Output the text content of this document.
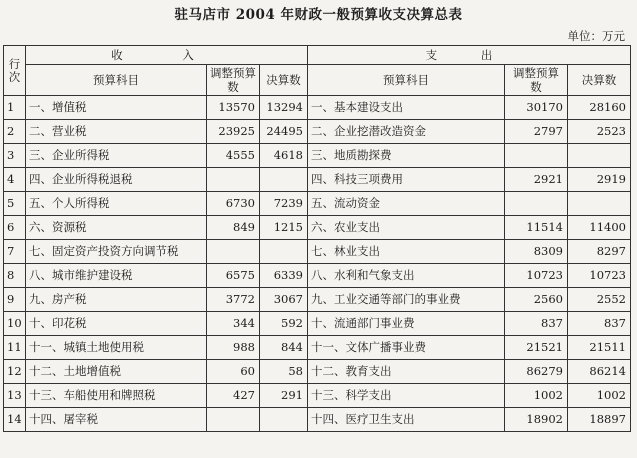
驻马店市 2004 年财政一般预算收支决算总表
单位：万元
行次	收 入			支 出		
	预算科目	调整预算数	决算数	预算科目	调整预算数	决算数
1	一、增值税	13570	13294	一、基本建设支出	30170	28160
2	二、营业税	23925	24495	二、企业挖潜改造资金	2797	2523
3	三、企业所得税	4555	4618	三、地质勘探费		
4	四、企业所得税退税			四、科技三项费用	2921	2919
5	五、个人所得税	6730	7239	五、流动资金		
6	六、资源税	849	1215	六、农业支出	11514	11400
7	七、固定资产投资方向调节税			七、林业支出	8309	8297
8	八、城市维护建设税	6575	6339	八、水利和气象支出	10723	10723
9	九、房产税	3772	3067	九、工业交通等部门的事业费	2560	2552
10	十、印花税	344	592	十、流通部门事业费	837	837
11	十一、城镇土地使用税	988	844	十一、文体广播事业费	21521	21511
12	十二、土地增值税	60	58	十二、教育支出	86279	86214
13	十三、车船使用和牌照税	427	291	十三、科学支出	1002	1002
14	十四、屠宰税			十四、医疗卫生支出	18902	18897
